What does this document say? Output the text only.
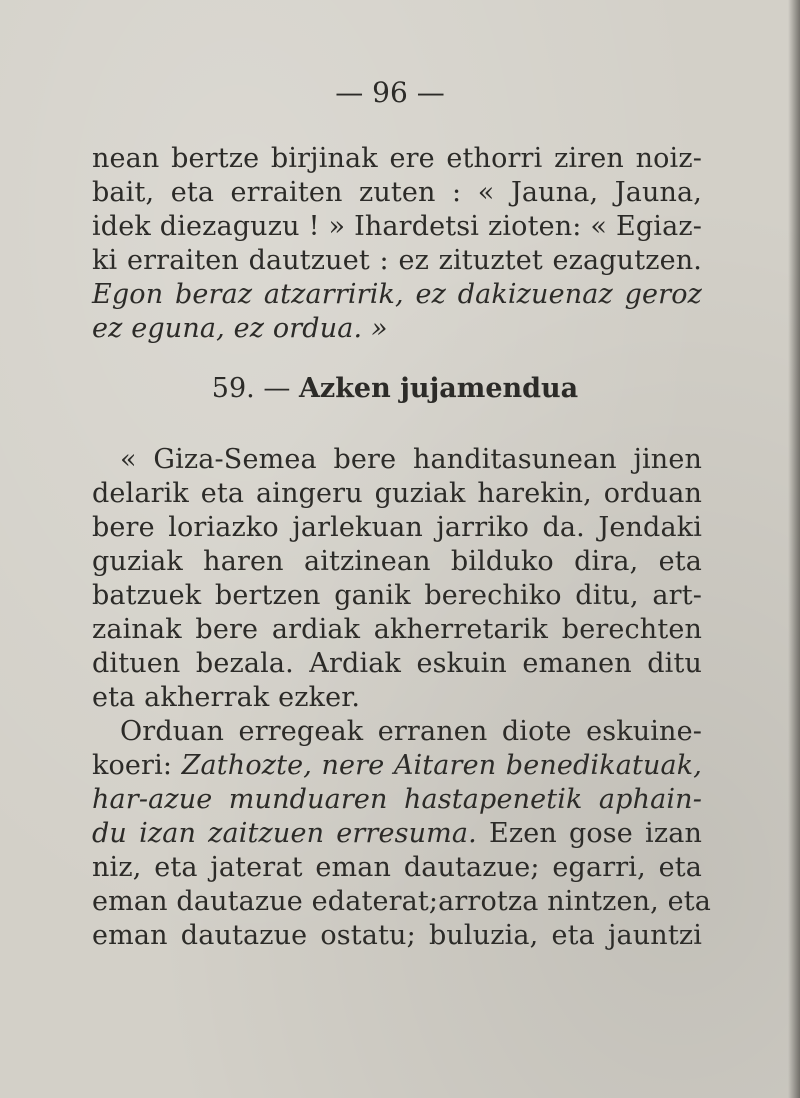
— 96 —
nean bertze birjinak ere ethorri ziren noiz-
bait, eta erraiten zuten : « Jauna, Jauna,
idek diezaguzu ! » Ihardetsi zioten: « Egiaz-
ki erraiten dautzuet : ez zituztet ezagutzen.
Egon beraz atzarririk, ez dakizuenaz geroz
ez eguna, ez ordua. »
59. — Azken jujamendua
« Giza-Semea bere handitasunean jinen
delarik eta aingeru guziak harekin, orduan
bere loriazko jarlekuan jarriko da. Jendaki
guziak haren aitzinean bilduko dira, eta
batzuek bertzen ganik berechiko ditu, art-
zainak bere ardiak akherretarik berechten
dituen bezala. Ardiak eskuin emanen ditu
eta akherrak ezker.
Orduan erregeak erranen diote eskuine-
koeri: Zathozte, nere Aitaren benedikatuak,
har-azue munduaren hastapenetik aphain-
du izan zaitzuen erresuma. Ezen gose izan
niz, eta jaterat eman dautazue; egarri, eta
eman dautazue edaterat;arrotza nintzen, eta
eman dautazue ostatu; buluzia, eta jauntzi
